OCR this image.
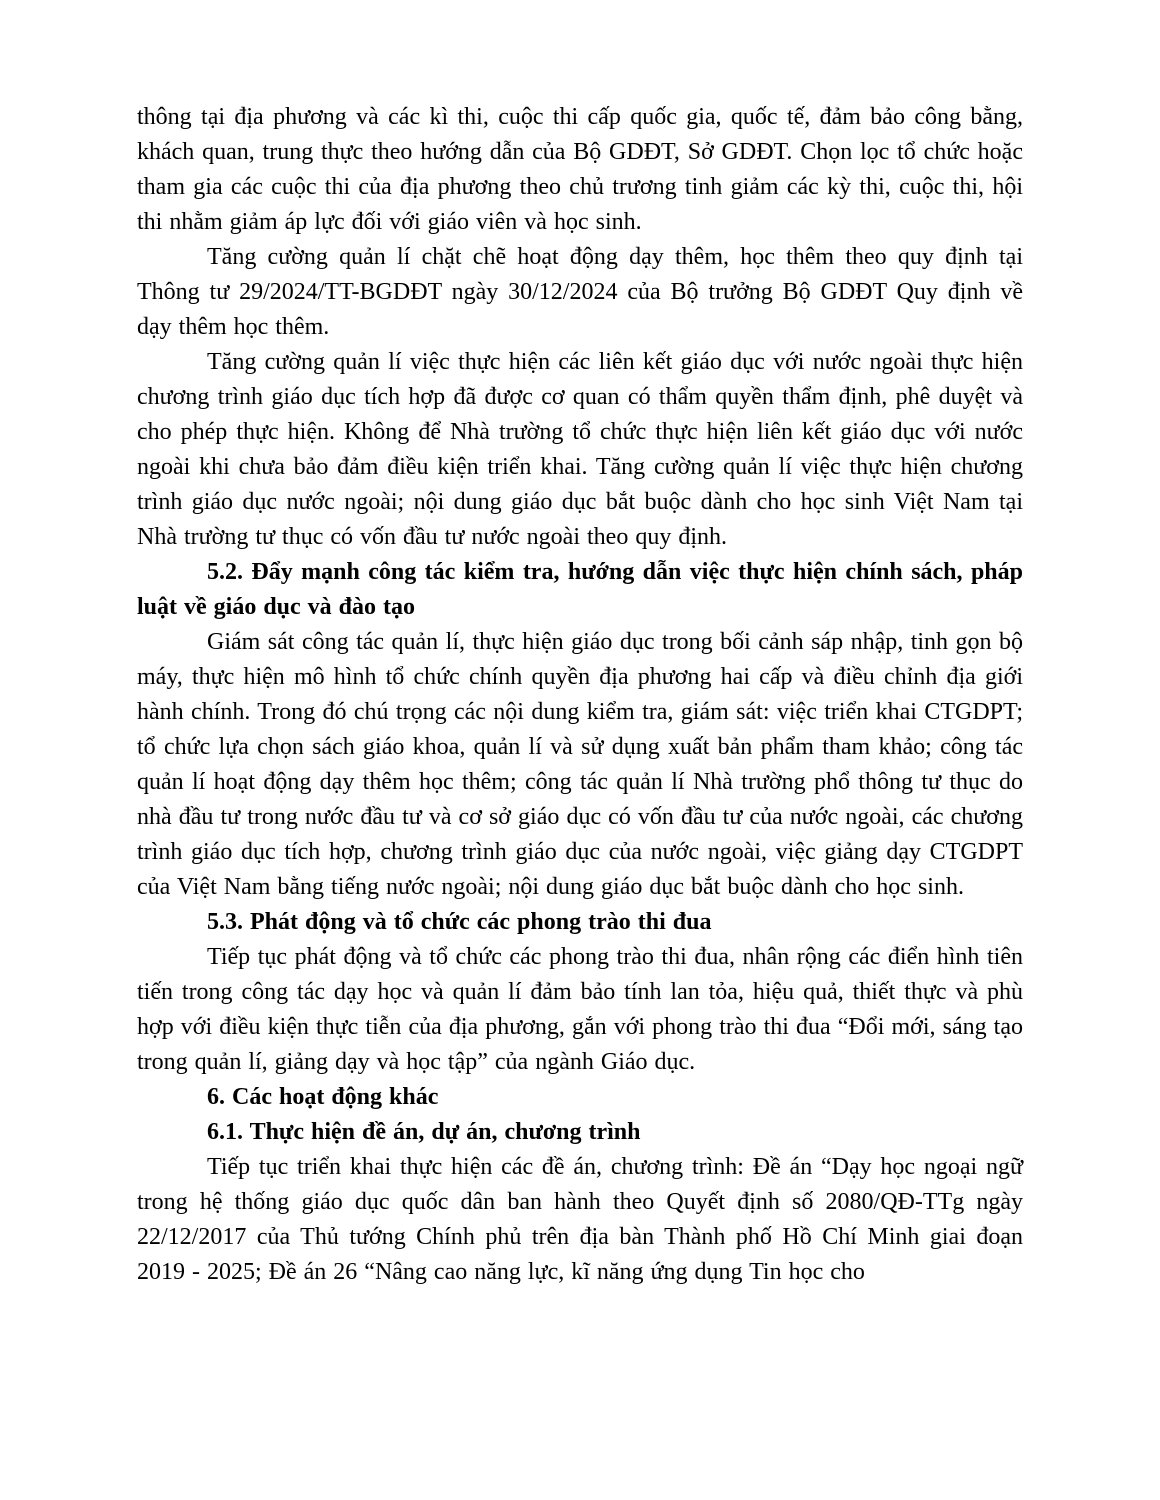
thông tại địa phương và các kì thi, cuộc thi cấp quốc gia, quốc tế, đảm bảo công bằng, khách quan, trung thực theo hướng dẫn của Bộ GDĐT, Sở GDĐT. Chọn lọc tổ chức hoặc tham gia các cuộc thi của địa phương theo chủ trương tinh giảm các kỳ thi, cuộc thi, hội thi nhằm giảm áp lực đối với giáo viên và học sinh.

Tăng cường quản lí chặt chẽ hoạt động dạy thêm, học thêm theo quy định tại Thông tư 29/2024/TT-BGDĐT ngày 30/12/2024 của Bộ trưởng Bộ GDĐT Quy định về dạy thêm học thêm.

Tăng cường quản lí việc thực hiện các liên kết giáo dục với nước ngoài thực hiện chương trình giáo dục tích hợp đã được cơ quan có thẩm quyền thẩm định, phê duyệt và cho phép thực hiện. Không để Nhà trường tổ chức thực hiện liên kết giáo dục với nước ngoài khi chưa bảo đảm điều kiện triển khai. Tăng cường quản lí việc thực hiện chương trình giáo dục nước ngoài; nội dung giáo dục bắt buộc dành cho học sinh Việt Nam tại Nhà trường tư thục có vốn đầu tư nước ngoài theo quy định.

5.2. Đẩy mạnh công tác kiểm tra, hướng dẫn việc thực hiện chính sách, pháp luật về giáo dục và đào tạo

Giám sát công tác quản lí, thực hiện giáo dục trong bối cảnh sáp nhập, tinh gọn bộ máy, thực hiện mô hình tổ chức chính quyền địa phương hai cấp và điều chỉnh địa giới hành chính. Trong đó chú trọng các nội dung kiểm tra, giám sát: việc triển khai CTGDPT; tổ chức lựa chọn sách giáo khoa, quản lí và sử dụng xuất bản phẩm tham khảo; công tác quản lí hoạt động dạy thêm học thêm; công tác quản lí Nhà trường phổ thông tư thục do nhà đầu tư trong nước đầu tư và cơ sở giáo dục có vốn đầu tư của nước ngoài, các chương trình giáo dục tích hợp, chương trình giáo dục của nước ngoài, việc giảng dạy CTGDPT của Việt Nam bằng tiếng nước ngoài; nội dung giáo dục bắt buộc dành cho học sinh.

5.3. Phát động và tổ chức các phong trào thi đua

Tiếp tục phát động và tổ chức các phong trào thi đua, nhân rộng các điển hình tiên tiến trong công tác dạy học và quản lí đảm bảo tính lan tỏa, hiệu quả, thiết thực và phù hợp với điều kiện thực tiễn của địa phương, gắn với phong trào thi đua “Đổi mới, sáng tạo trong quản lí, giảng dạy và học tập” của ngành Giáo dục.

6. Các hoạt động khác
6.1. Thực hiện đề án, dự án, chương trình

Tiếp tục triển khai thực hiện các đề án, chương trình: Đề án “Dạy học ngoại ngữ trong hệ thống giáo dục quốc dân ban hành theo Quyết định số 2080/QĐ-TTg ngày 22/12/2017 của Thủ tướng Chính phủ trên địa bàn Thành phố Hồ Chí Minh giai đoạn 2019 - 2025; Đề án 26 “Nâng cao năng lực, kĩ năng ứng dụng Tin học cho
